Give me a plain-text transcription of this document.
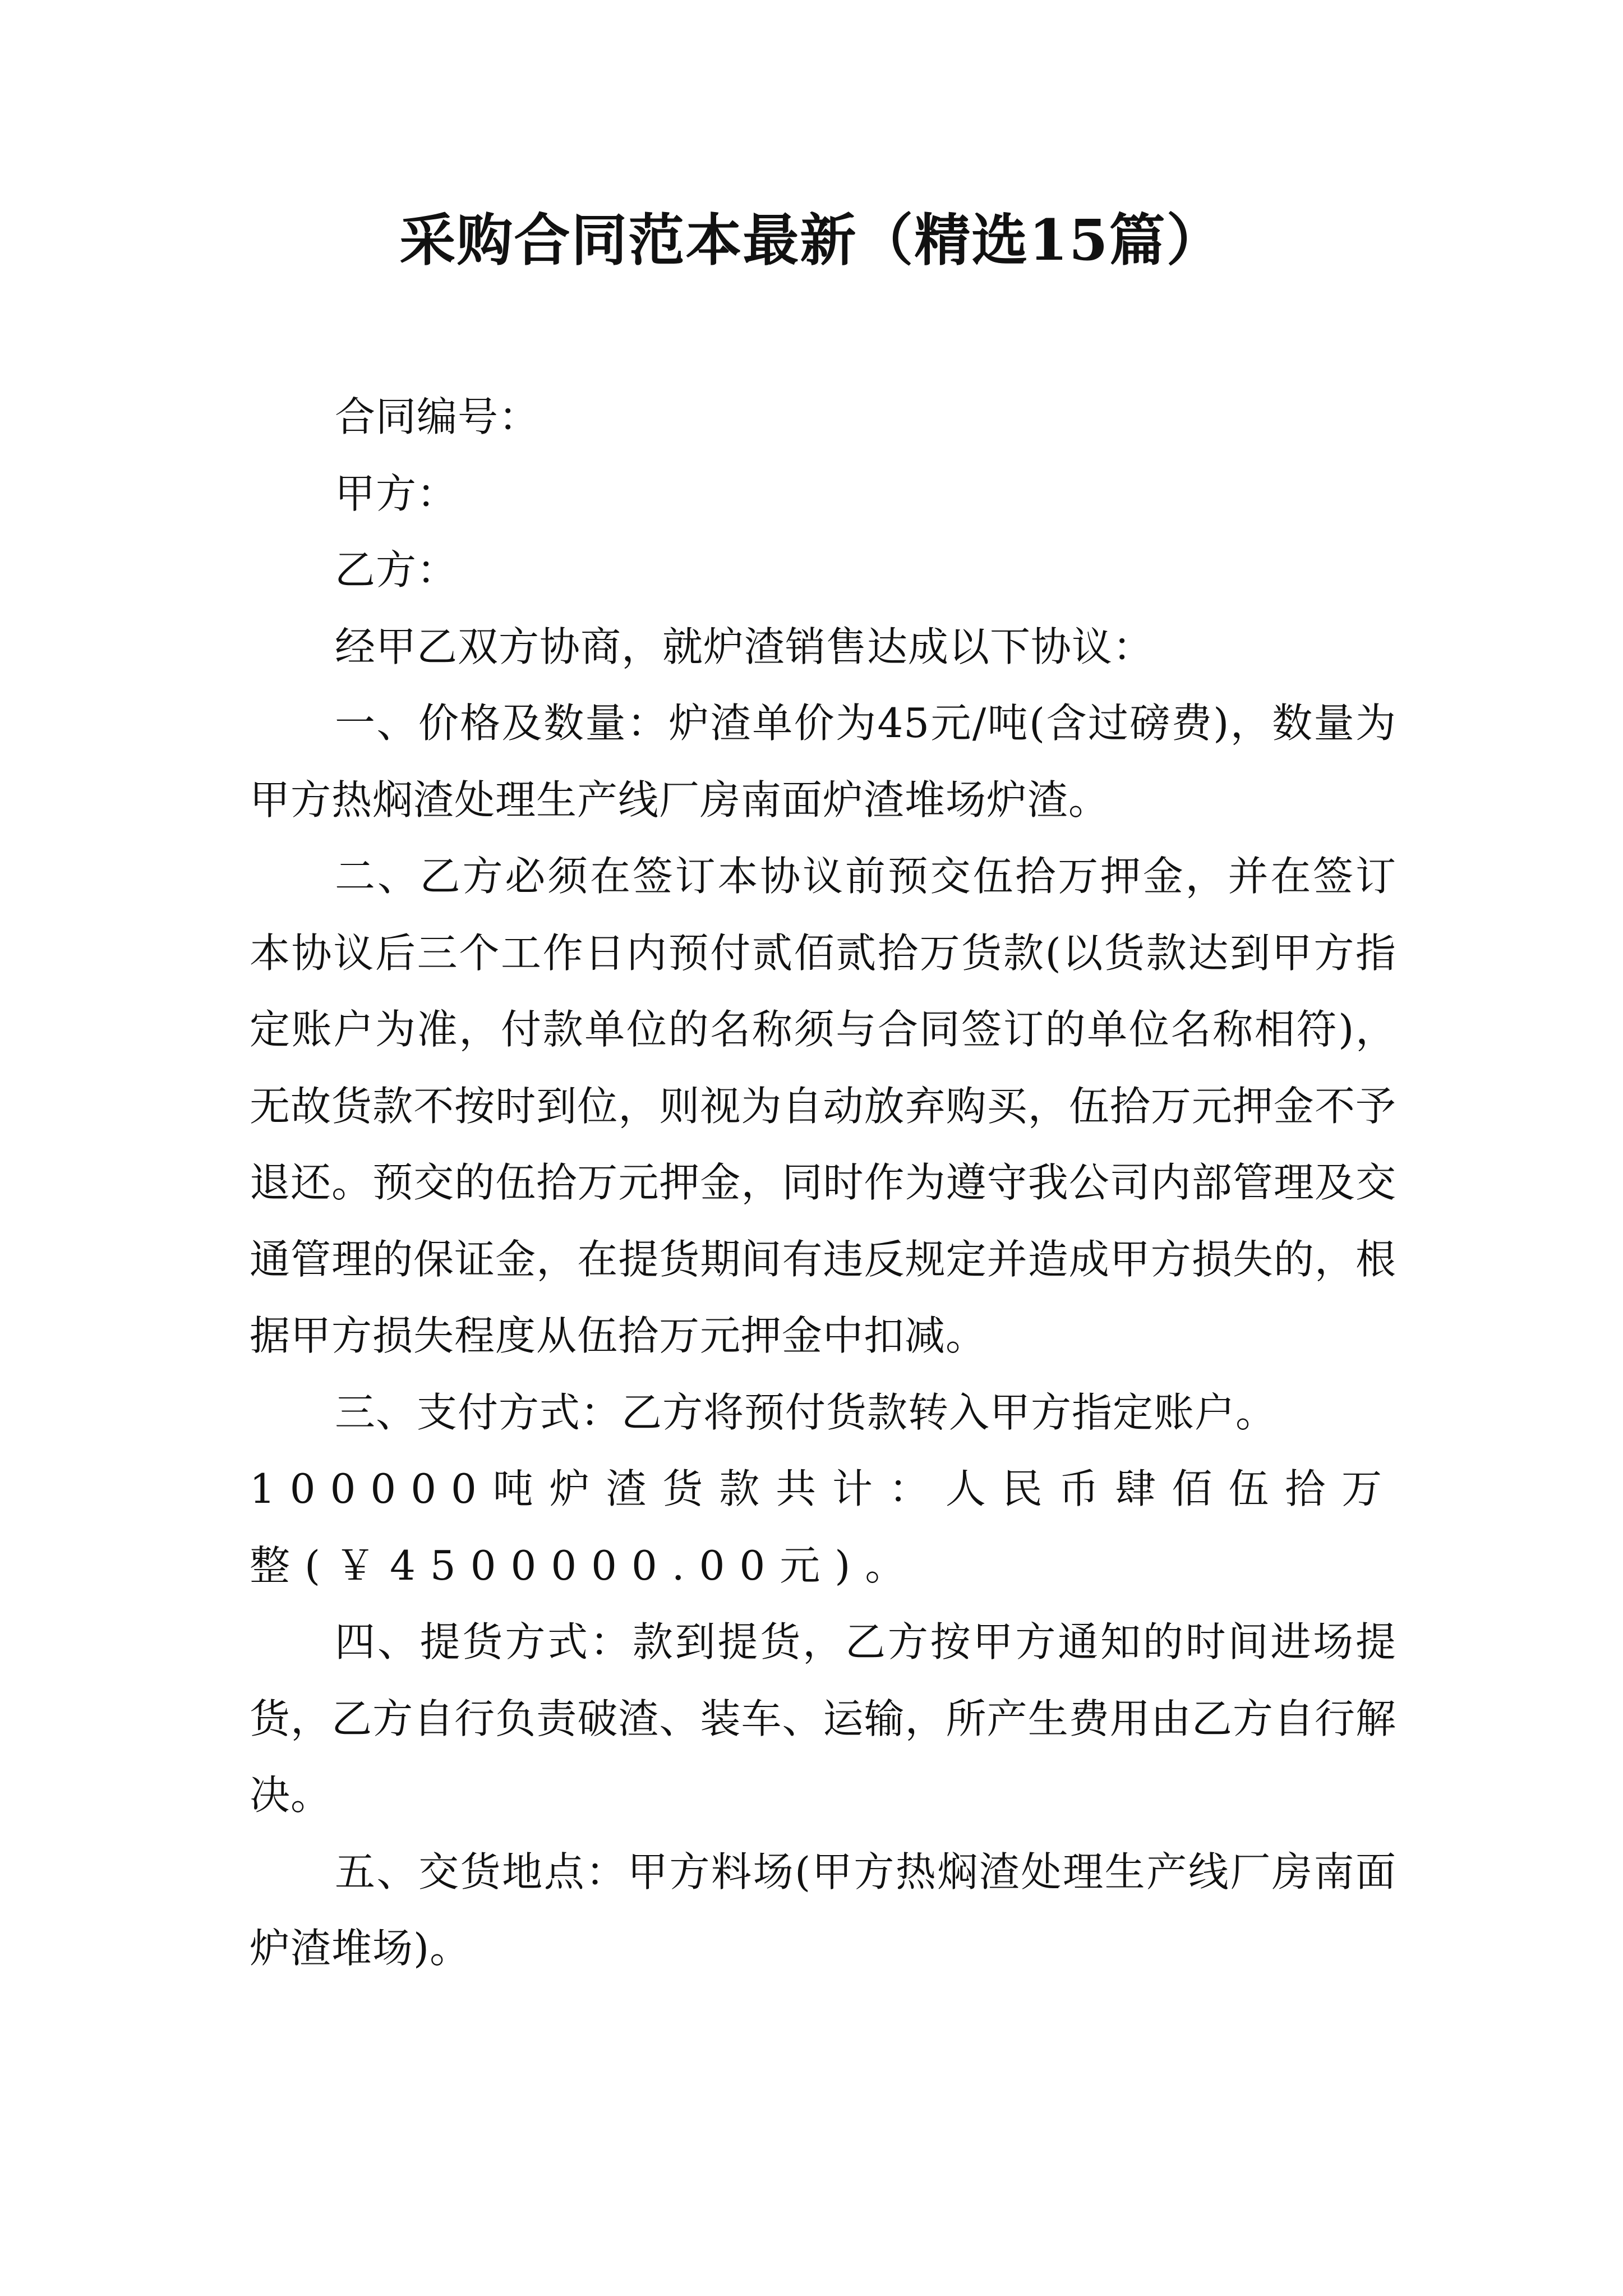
采购合同范本最新（精选15篇）

合同编号：

甲方：

乙方：

经甲乙双方协商，就炉渣销售达成以下协议：

一、价格及数量：炉渣单价为45元/吨(含过磅费)，数量为甲方热焖渣处理生产线厂房南面炉渣堆场炉渣。

二、乙方必须在签订本协议前预交伍拾万押金，并在签订本协议后三个工作日内预付贰佰贰拾万货款(以货款达到甲方指定账户为准，付款单位的名称须与合同签订的单位名称相符)，无故货款不按时到位，则视为自动放弃购买，伍拾万元押金不予退还。预交的伍拾万元押金，同时作为遵守我公司内部管理及交通管理的保证金，在提货期间有违反规定并造成甲方损失的，根据甲方损失程度从伍拾万元押金中扣减。

三、支付方式：乙方将预付货款转入甲方指定账户。

100000吨炉渣货款共计：人民币肆佰伍拾万整(￥4500000.00元)。

四、提货方式：款到提货，乙方按甲方通知的时间进场提货，乙方自行负责破渣、装车、运输，所产生费用由乙方自行解决。

五、交货地点：甲方料场(甲方热焖渣处理生产线厂房南面炉渣堆场)。
